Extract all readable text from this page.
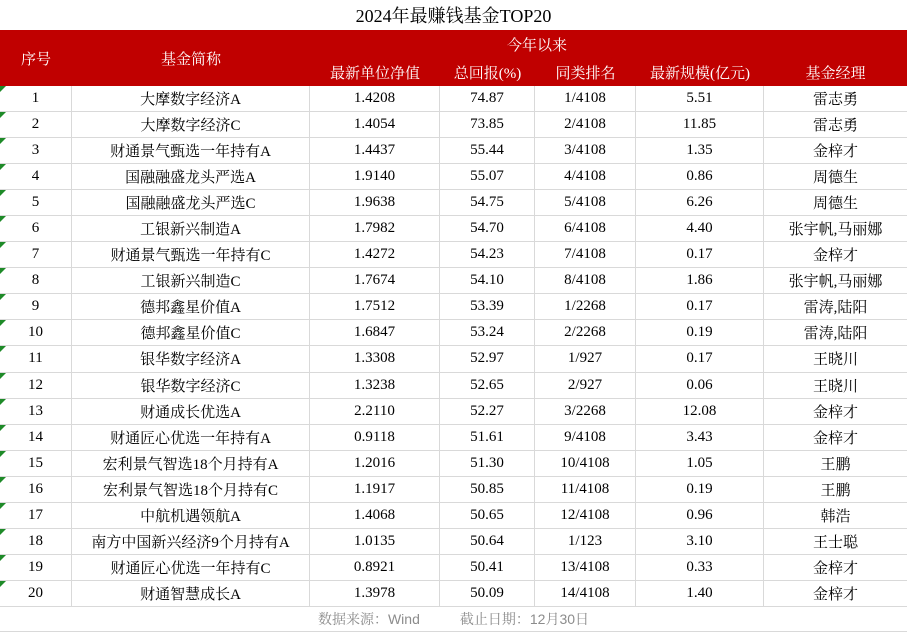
2024年最赚钱基金TOP20
序号	基金简称
今年以来
最新单位净值	总回报(%)	同类排名	最新规模(亿元)	基金经理
1	大摩数字经济A	1.4208	74.87	1/4108	5.51	雷志勇
2	大摩数字经济C	1.4054	73.85	2/4108	11.85	雷志勇
3	财通景气甄选一年持有A	1.4437	55.44	3/4108	1.35	金梓才
4	国融融盛龙头严选A	1.9140	55.07	4/4108	0.86	周德生
5	国融融盛龙头严选C	1.9638	54.75	5/4108	6.26	周德生
6	工银新兴制造A	1.7982	54.70	6/4108	4.40	张宇帆,马丽娜
7	财通景气甄选一年持有C	1.4272	54.23	7/4108	0.17	金梓才
8	工银新兴制造C	1.7674	54.10	8/4108	1.86	张宇帆,马丽娜
9	德邦鑫星价值A	1.7512	53.39	1/2268	0.17	雷涛,陆阳
10	德邦鑫星价值C	1.6847	53.24	2/2268	0.19	雷涛,陆阳
11	银华数字经济A	1.3308	52.97	1/927	0.17	王晓川
12	银华数字经济C	1.3238	52.65	2/927	0.06	王晓川
13	财通成长优选A	2.2110	52.27	3/2268	12.08	金梓才
14	财通匠心优选一年持有A	0.9118	51.61	9/4108	3.43	金梓才
15	宏利景气智选18个月持有A	1.2016	51.30	10/4108	1.05	王鹏
16	宏利景气智选18个月持有C	1.1917	50.85	11/4108	0.19	王鹏
17	中航机遇领航A	1.4068	50.65	12/4108	0.96	韩浩
18	南方中国新兴经济9个月持有A	1.0135	50.64	1/123	3.10	王士聪
19	财通匠心优选一年持有C	0.8921	50.41	13/4108	0.33	金梓才
20	财通智慧成长A	1.3978	50.09	14/4108	1.40	金梓才
数据来源：Wind	截止日期：12月30日
